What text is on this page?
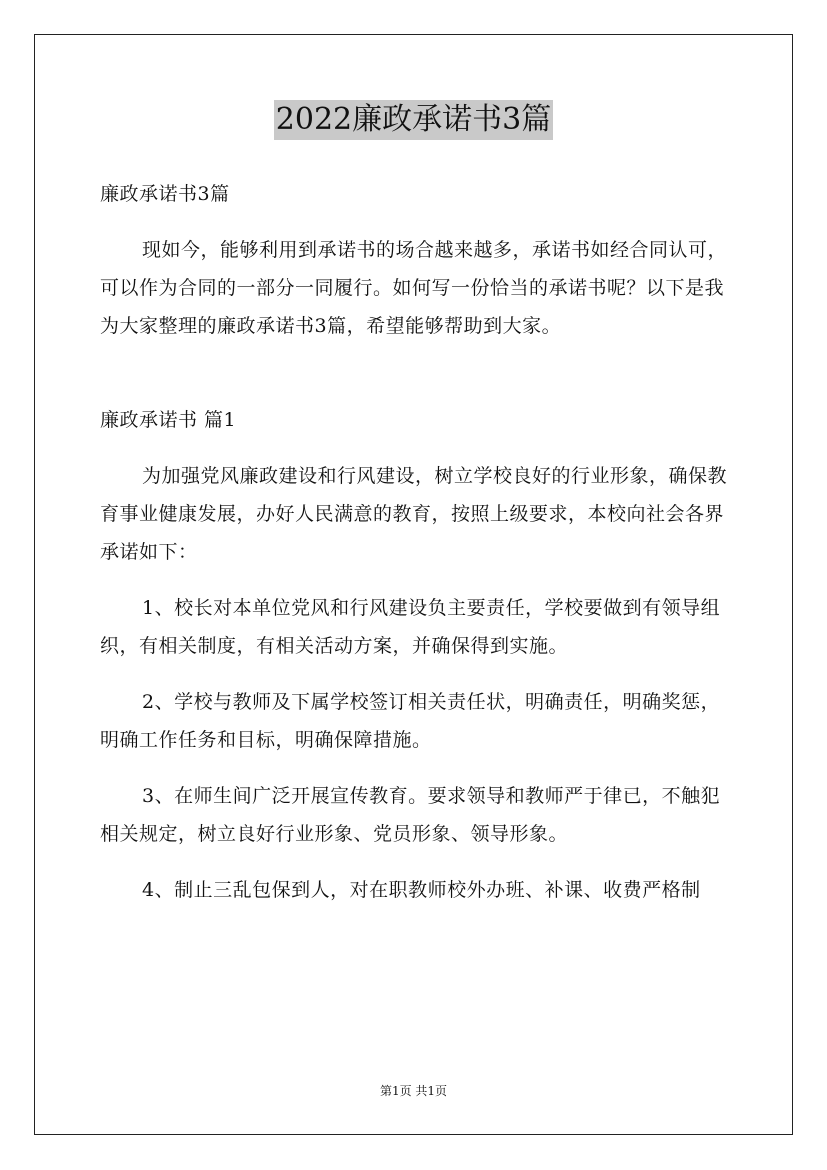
2022廉政承诺书3篇

廉政承诺书3篇

现如今，能够利用到承诺书的场合越来越多，承诺书如经合同认可，可以作为合同的一部分一同履行。如何写一份恰当的承诺书呢？以下是我为大家整理的廉政承诺书3篇，希望能够帮助到大家。

廉政承诺书 篇1

为加强党风廉政建设和行风建设，树立学校良好的行业形象，确保教育事业健康发展，办好人民满意的教育，按照上级要求，本校向社会各界承诺如下：

1、校长对本单位党风和行风建设负主要责任，学校要做到有领导组织，有相关制度，有相关活动方案，并确保得到实施。

2、学校与教师及下属学校签订相关责任状，明确责任，明确奖惩，明确工作任务和目标，明确保障措施。

3、在师生间广泛开展宣传教育。要求领导和教师严于律已，不触犯相关规定，树立良好行业形象、党员形象、领导形象。

4、制止三乱包保到人，对在职教师校外办班、补课、收费严格制

第1页 共1页
